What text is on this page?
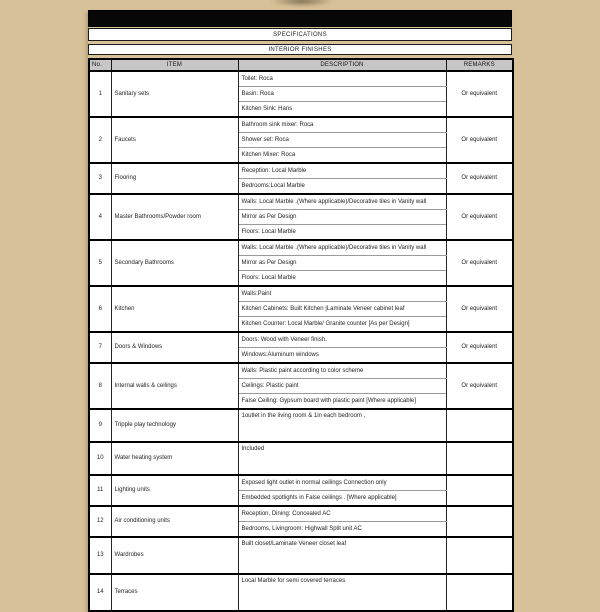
SPECIFICATIONS
INTERIOR FINISHES
No.	ITEM	DESCRIPTION	REMARKS
1	Sanitary sets	Toilet: Roca	Or equivalent
		Basin: Roca	
		Kitchen Sink: Hans	
2	Faucets	Bathroom sink mixer: Roca	Or equivalent
		Shower set: Roca	
		Kitchen Mixer: Roca	
3	Flooring	Reception: Local Marble	Or equivalent
		Bedrooms:Local Marble	
4	Master Bathrooms/Powder room	Walls: Local Marble .(Where applicable)/Decorative tiles in Vanity wall	Or equivalent
		Mirror as Per Design	
		Floors: Local Marble	
5	Secondary Bathrooms	Walls: Local Marble .(Where applicable)/Decorative tiles in Vanity wall	Or equivalent
		Mirror as Per Design	
		Floors: Local Marble	
6	Kitchen	Walls:Paint	Or equivalent
		Kitchen Cabinets: Built Kitchen |Laminate Veneer cabinet leaf	
		Kitchen Counter: Local Marble/ Granite counter [As per Design]	
7	Doors & Windows	Doors: Wood with Veneer finish.	Or equivalent
		Windows:Aluminum windows	
8	Internal walls & ceilings	Walls: Plastic paint according to color scheme	Or equivalent
		Ceilings: Plastic paint	
		False Ceiling: Gypsum board with plastic paint [Where applicable]	
9	Tripple play technology	1outlet in the living room & 1in each bedroom ,	
10	Water heating system	Included	
11	Lighting units	Exposed light outlet in normal ceilings Connection only	
		Embedded spotlights in False ceilings . [Where applicable]	
12	Air conditioning units	Reception, Dining: Concealed AC	
		Bedrooms, Livingroom: Highwall Split unit AC	
13	Wardrobes	Built closet/Laminate Veneer closet leaf	
14	Terraces	Local Marble for semi covered terraces	
